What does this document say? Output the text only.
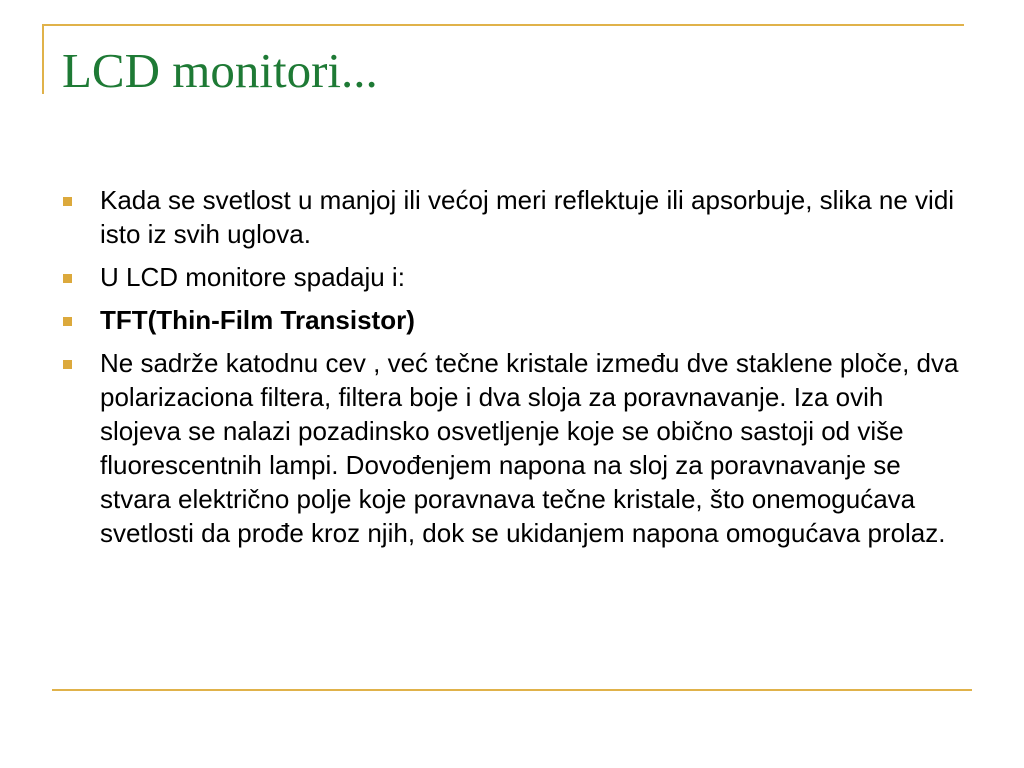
LCD monitori...
Kada se svetlost u manjoj ili većoj meri reflektuje ili apsorbuje, slika ne vidi isto iz svih uglova.
U LCD monitore spadaju i:
TFT(Thin-Film Transistor)
Ne sadrže katodnu cev , već tečne kristale između dve staklene ploče, dva polarizaciona filtera, filtera boje i dva sloja za poravnavanje. Iza ovih slojeva se nalazi pozadinsko osvetljenje koje se obično sastoji od više fluorescentnih lampi. Dovođenjem napona na sloj za poravnavanje se stvara električno polje koje poravnava tečne kristale, što onemogućava svetlosti da prođe kroz njih, dok se ukidanjem napona omogućava prolaz.
